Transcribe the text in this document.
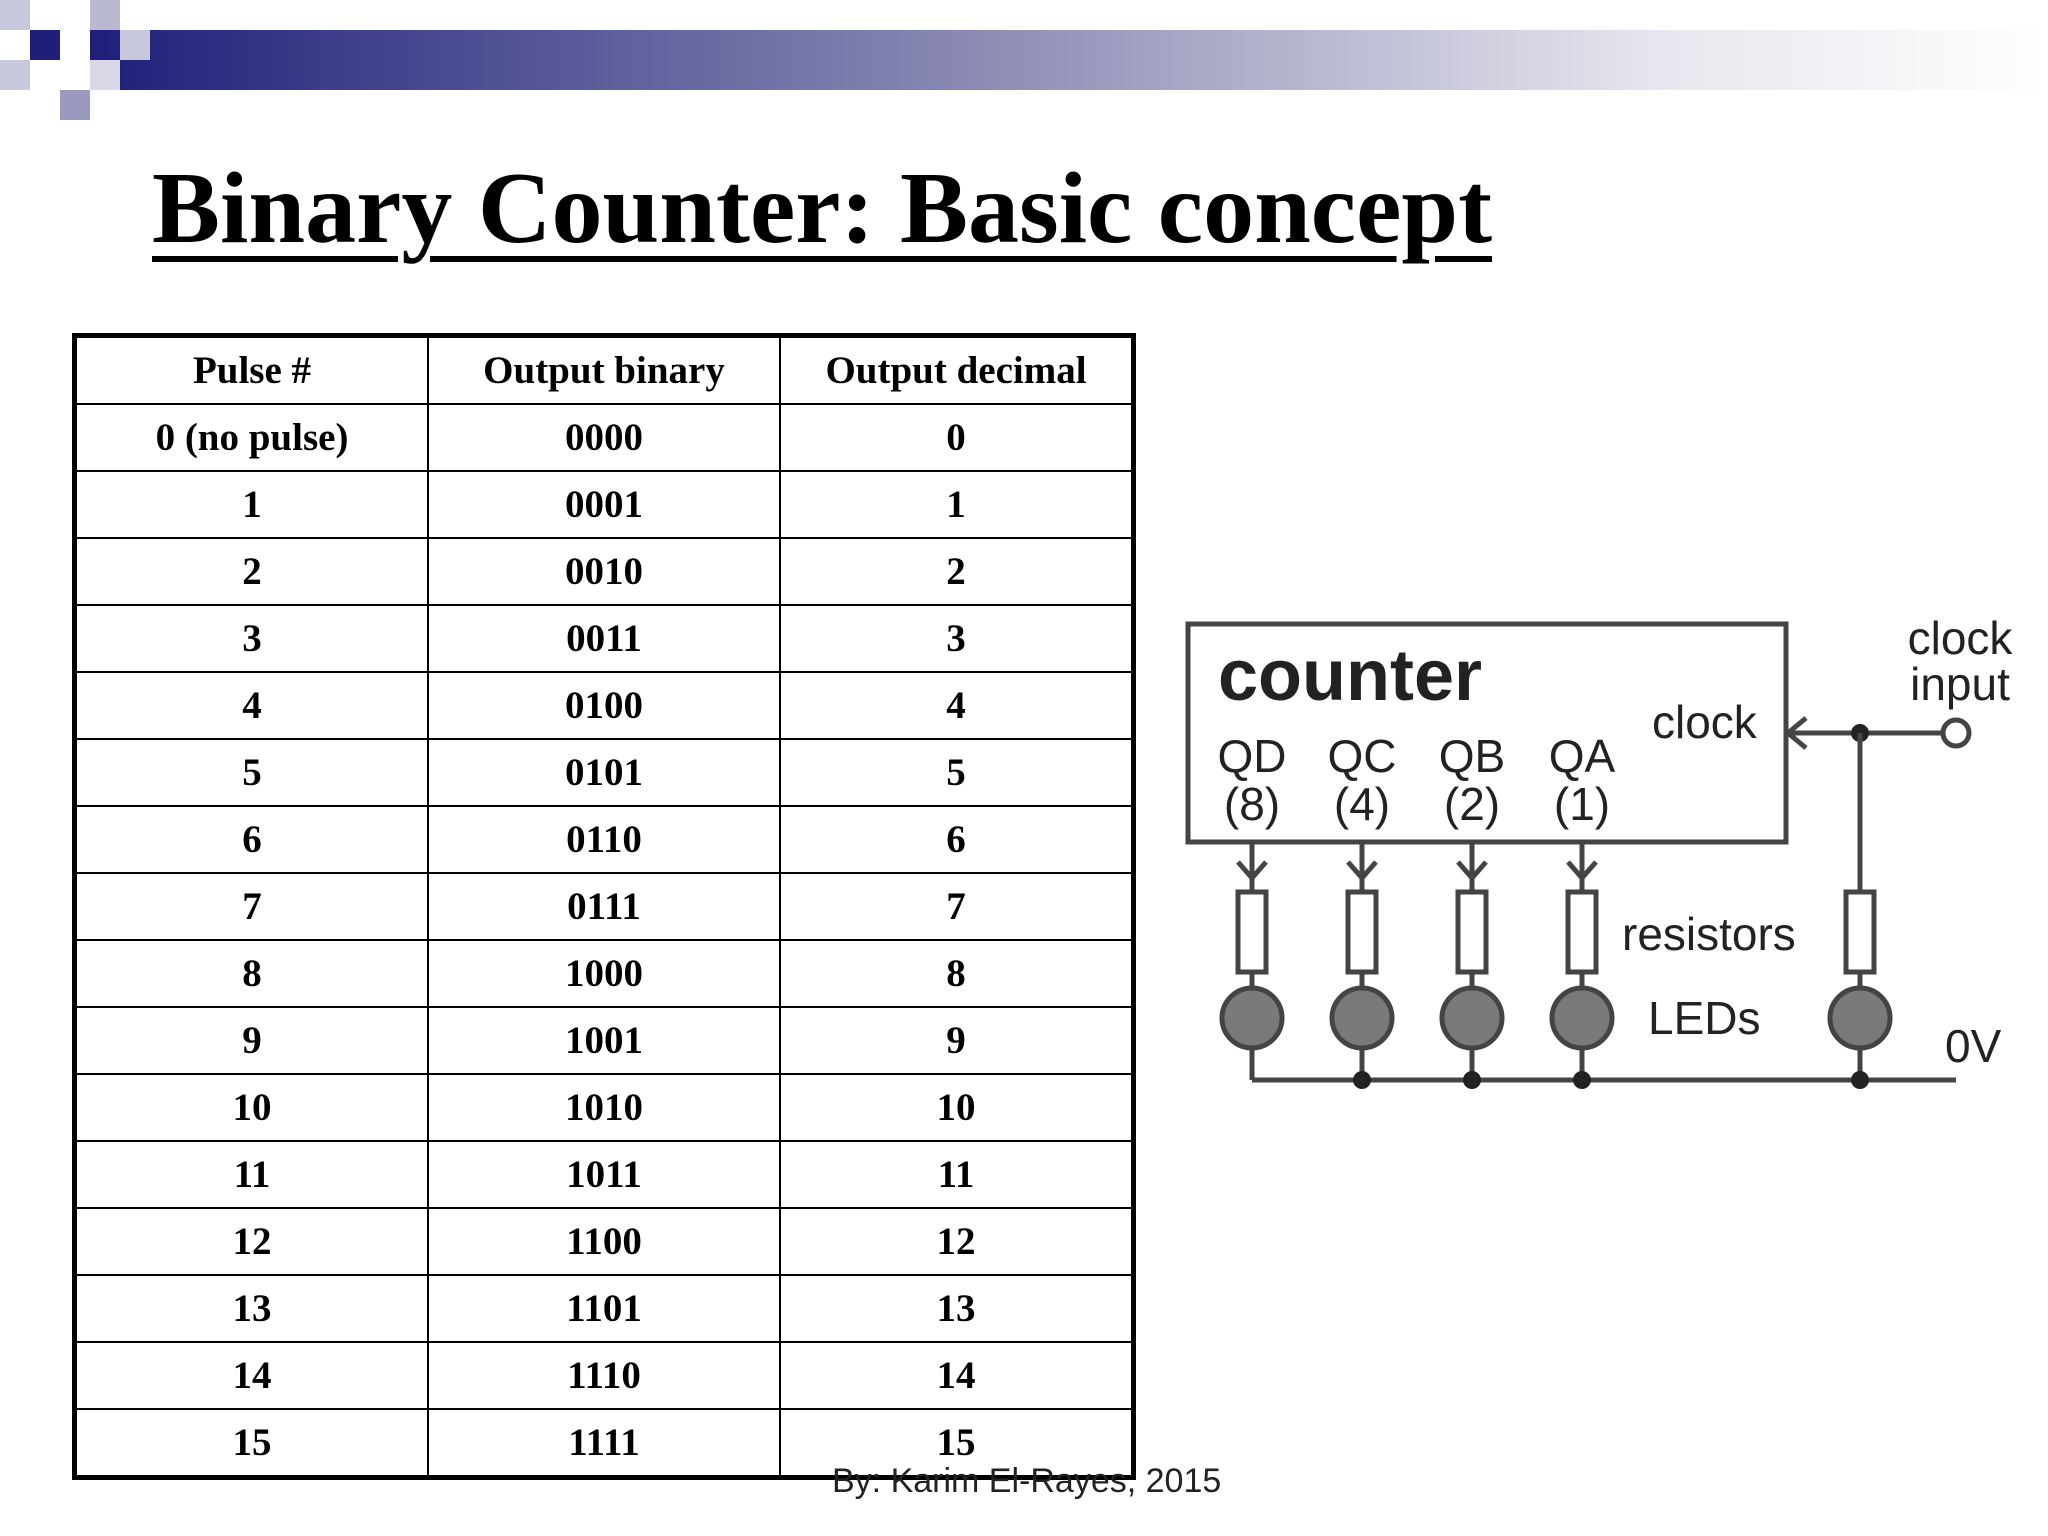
Binary Counter: Basic concept
Pulse #	Output binary	Output decimal
0 (no pulse)	0000	0
1	0001	1
2	0010	2
3	0011	3
4	0100	4
5	0101	5
6	0110	6
7	0111	7
8	1000	8
9	1001	9
10	1010	10
11	1011	11
12	1100	12
13	1101	13
14	1110	14
15	1111	15
counter
clock
QD
(8)
QC
(4)
QB
(2)
QA
(1)
clock
input
resistors
LEDs
0V

By: Karim El-Rayes, 2015
